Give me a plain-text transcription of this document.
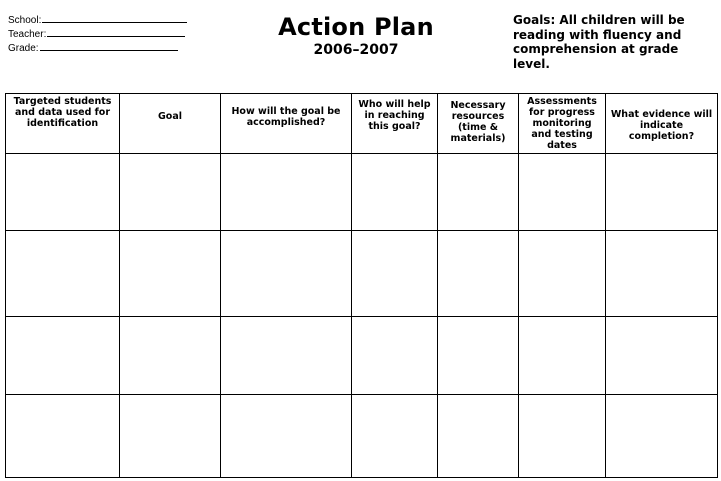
School:
Teacher:
Grade:
Action Plan
2006–2007
Goals: All children will be reading with fluency and comprehension at grade level.
Targeted students and data used for identification	Goal	How will the goal be accomplished?	Who will help in reaching this goal?	Necessary resources (time & materials)	Assessments for progress monitoring and testing dates	What evidence will indicate completion?
